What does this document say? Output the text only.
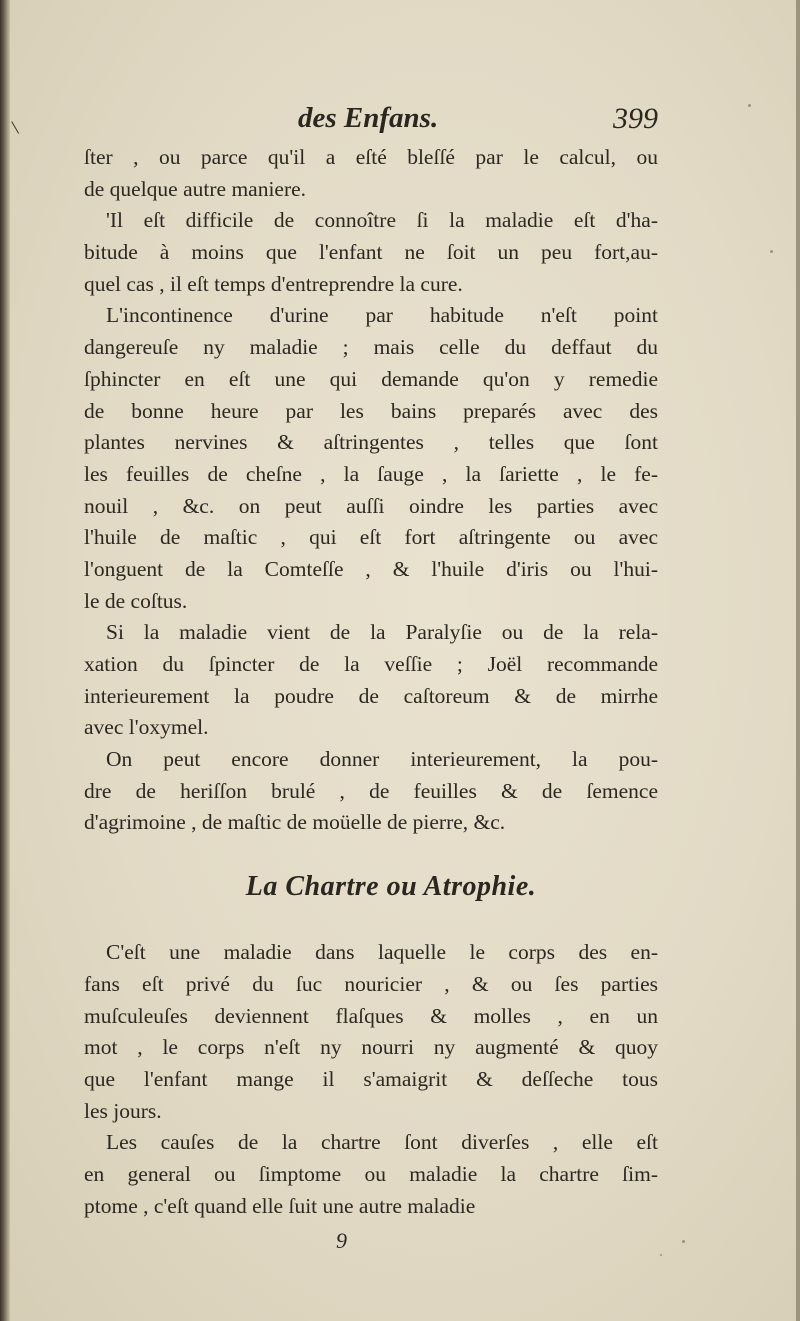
des Enfans.	399
ſter , ou parce qu'il a eſté bleſſé par le calcul, ou
de quelque autre maniere.
'Il eſt difficile de connoître ſi la maladie eſt d'ha-
bitude à moins que l'enfant ne ſoit un peu fort,au-
quel cas , il eſt temps d'entreprendre la cure.
L'incontinence d'urine par habitude n'eſt point
dangereuſe ny maladie ; mais celle du deffaut du
ſphincter en eſt une qui demande qu'on y remedie
de bonne heure par les bains preparés avec des
plantes nervines & aſtringentes , telles que ſont
les feuilles de cheſne , la ſauge , la ſariette , le fe-
nouil , &c. on peut auſſi oindre les parties avec
l'huile de maſtic , qui eſt fort aſtringente ou avec
l'onguent de la Comteſſe , & l'huile d'iris ou l'hui-
le de coſtus.
Si la maladie vient de la Paralyſie ou de la rela-
xation du ſpincter de la veſſie ; Joël recommande
interieurement la poudre de caſtoreum & de mirrhe
avec l'oxymel.
On peut encore donner interieurement, la pou-
dre de heriſſon brulé , de feuilles & de ſemence
d'agrimoine , de maſtic de moüelle de pierre, &c.
La Chartre ou Atrophie.
C'eſt une maladie dans laquelle le corps des en-
fans eſt privé du ſuc nouricier , & ou ſes parties
muſculeuſes deviennent flaſques & molles , en un
mot , le corps n'eſt ny nourri ny augmenté & quoy
que l'enfant mange il s'amaigrit & deſſeche tous
les jours.
Les cauſes de la chartre ſont diverſes , elle eſt
en general ou ſimptome ou maladie la chartre ſim-
ptome , c'eſt quand elle ſuit une autre maladie
9
